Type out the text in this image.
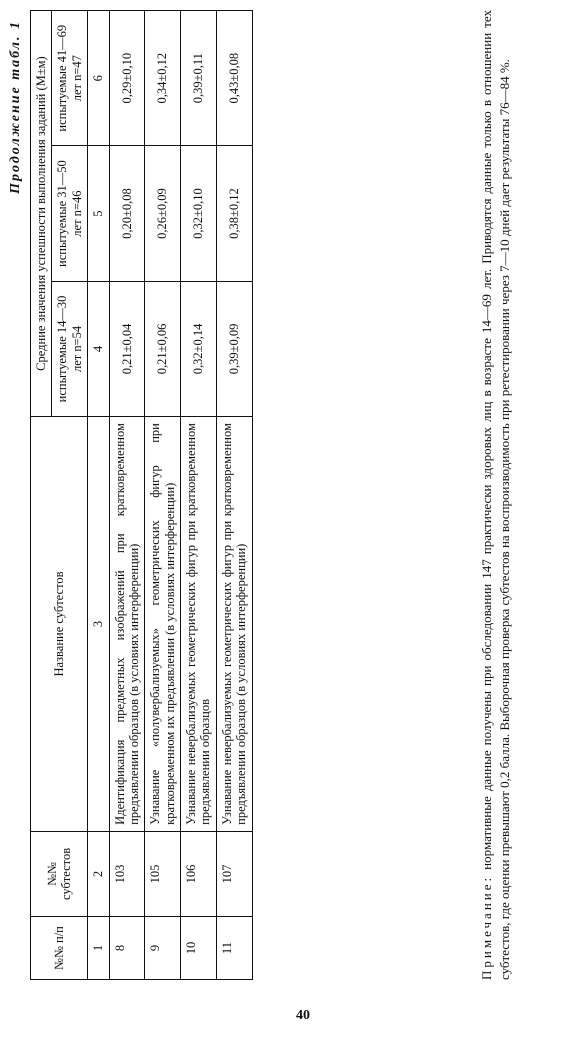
40
Продолжение табл. 1
№№ п/п	№№ субтестов	Название субтестов	Средние значения успешности выполнения заданий (M±м)		
			испытуемые 14—30 лет n=54	испытуемые 31—50 лет n=46	испытуемые 41—69 лет n=47
1	2	3	4	5	6
8	103	Идентификация предметных изображений при кратковременном предъявлении образцов (в условиях интерференции)	0,21±0,04	0,20±0,08	0,29±0,10
9	105	Узнавание «полувербализуемых» геометрических фигур при кратковременном их предъявлении (в условиях интерференции)	0,21±0,06	0,26±0,09	0,34±0,12
10	106	Узнавание невербализуемых геометрических фигур при кратковременном предъявлении образцов	0,32±0,14	0,32±0,10	0,39±0,11
11	107	Узнавание невербализуемых геометрических фигур при кратковременном предъявлении образцов (в условиях интерференции)	0,39±0,09	0,38±0,12	0,43±0,08
Примечание: нормативные данные получены при обследовании 147 практически здоровых лиц в возрасте 14—69 лет. Приводятся данные только в отношении тех субтестов, где оценки превышают 0,2 балла. Выборочная проверка субтестов на воспроизводимость при ретестировании через 7—10 дней дает результаты 76—84 %.
